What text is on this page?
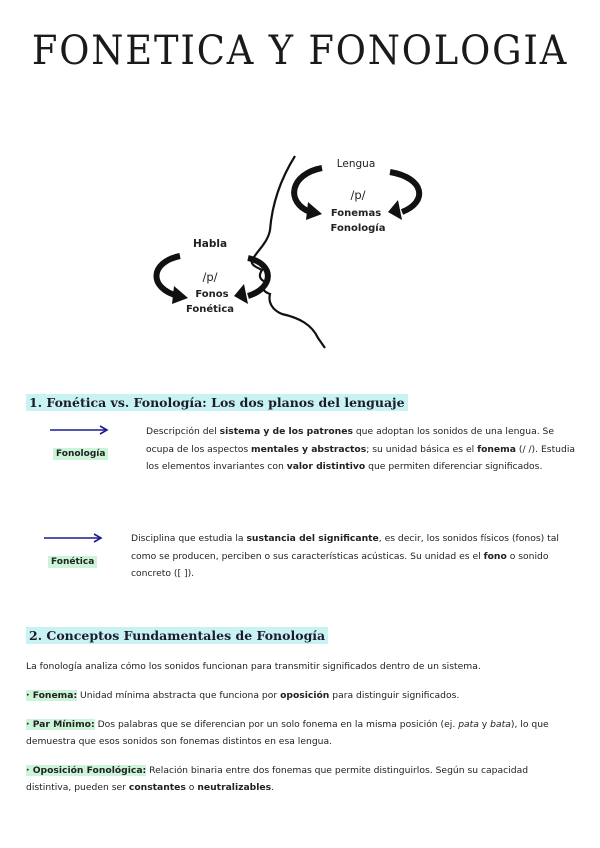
FONETICA Y FONOLOGIA
Lengua
/p/
Fonemas
Fonología
Habla
/p/
Fonos
Fonética
1. Fonética vs. Fonología: Los dos planos del lenguaje
Fonología
Descripción del sistema y de los patrones que adoptan los sonidos de una lengua. Se ocupa de los aspectos mentales y abstractos; su unidad básica es el fonema (/ /). Estudia los elementos invariantes con valor distintivo que permiten diferenciar significados.
Fonética
Disciplina que estudia la sustancia del significante, es decir, los sonidos físicos (fonos) tal como se producen, perciben o sus características acústicas. Su unidad es el fono o sonido concreto ([ ]).
2. Conceptos Fundamentales de Fonología
La fonología analiza cómo los sonidos funcionan para transmitir significados dentro de un sistema.
· Fonema: Unidad mínima abstracta que funciona por oposición para distinguir significados.
· Par Mínimo: Dos palabras que se diferencian por un solo fonema en la misma posición (ej. pata y bata), lo que demuestra que esos sonidos son fonemas distintos en esa lengua.
· Oposición Fonológica: Relación binaria entre dos fonemas que permite distinguirlos. Según su capacidad distintiva, pueden ser constantes o neutralizables.
